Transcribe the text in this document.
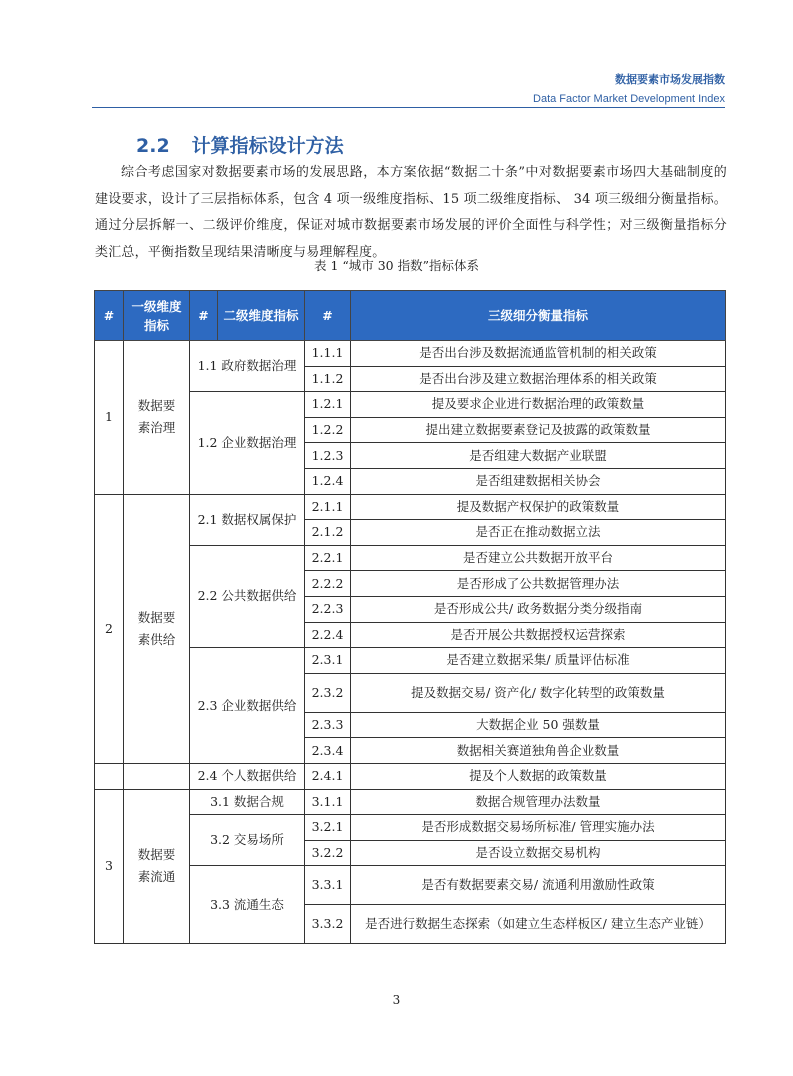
数据要素市场发展指数
Data Factor Market Development Index
2.2 计算指标设计方法
综合考虑国家对数据要素市场的发展思路，本方案依据“数据二十条”中对数据要素市场四大基础制度的建设要求，设计了三层指标体系，包含 4 项一级维度指标、15 项二级维度指标、 34 项三级细分衡量指标。通过分层拆解一、二级评价维度，保证对城市数据要素市场发展的评价全面性与科学性；对三级衡量指标分类汇总，平衡指数呈现结果清晰度与易理解程度。
表 1 “城市 30 指数”指标体系
#	一级维度指标	#	二级维度指标	#	三级细分衡量指标
1	数据要素治理	1.1 政府数据治理		1.1.1	是否出台涉及数据流通监管机制的相关政策
				1.1.2	是否出台涉及建立数据治理体系的相关政策
		1.2 企业数据治理		1.2.1	提及要求企业进行数据治理的政策数量
				1.2.2	提出建立数据要素登记及披露的政策数量
				1.2.3	是否组建大数据产业联盟
				1.2.4	是否组建数据相关协会
2	数据要素供给	2.1 数据权属保护		2.1.1	提及数据产权保护的政策数量
				2.1.2	是否正在推动数据立法
		2.2 公共数据供给		2.2.1	是否建立公共数据开放平台
				2.2.2	是否形成了公共数据管理办法
				2.2.3	是否形成公共/ 政务数据分类分级指南
				2.2.4	是否开展公共数据授权运营探索
		2.3 企业数据供给		2.3.1	是否建立数据采集/ 质量评估标准
				2.3.2	提及数据交易/ 资产化/ 数字化转型的政策数量
				2.3.3	大数据企业 50 强数量
				2.3.4	数据相关赛道独角兽企业数量
		2.4 个人数据供给		2.4.1	提及个人数据的政策数量
3	数据要素流通	3.1 数据合规		3.1.1	数据合规管理办法数量
		3.2 交易场所		3.2.1	是否形成数据交易场所标准/ 管理实施办法
				3.2.2	是否设立数据交易机构
		3.3 流通生态		3.3.1	是否有数据要素交易/ 流通利用激励性政策
				3.3.2	是否进行数据生态探索（如建立生态样板区/ 建立生态产业链）
3
